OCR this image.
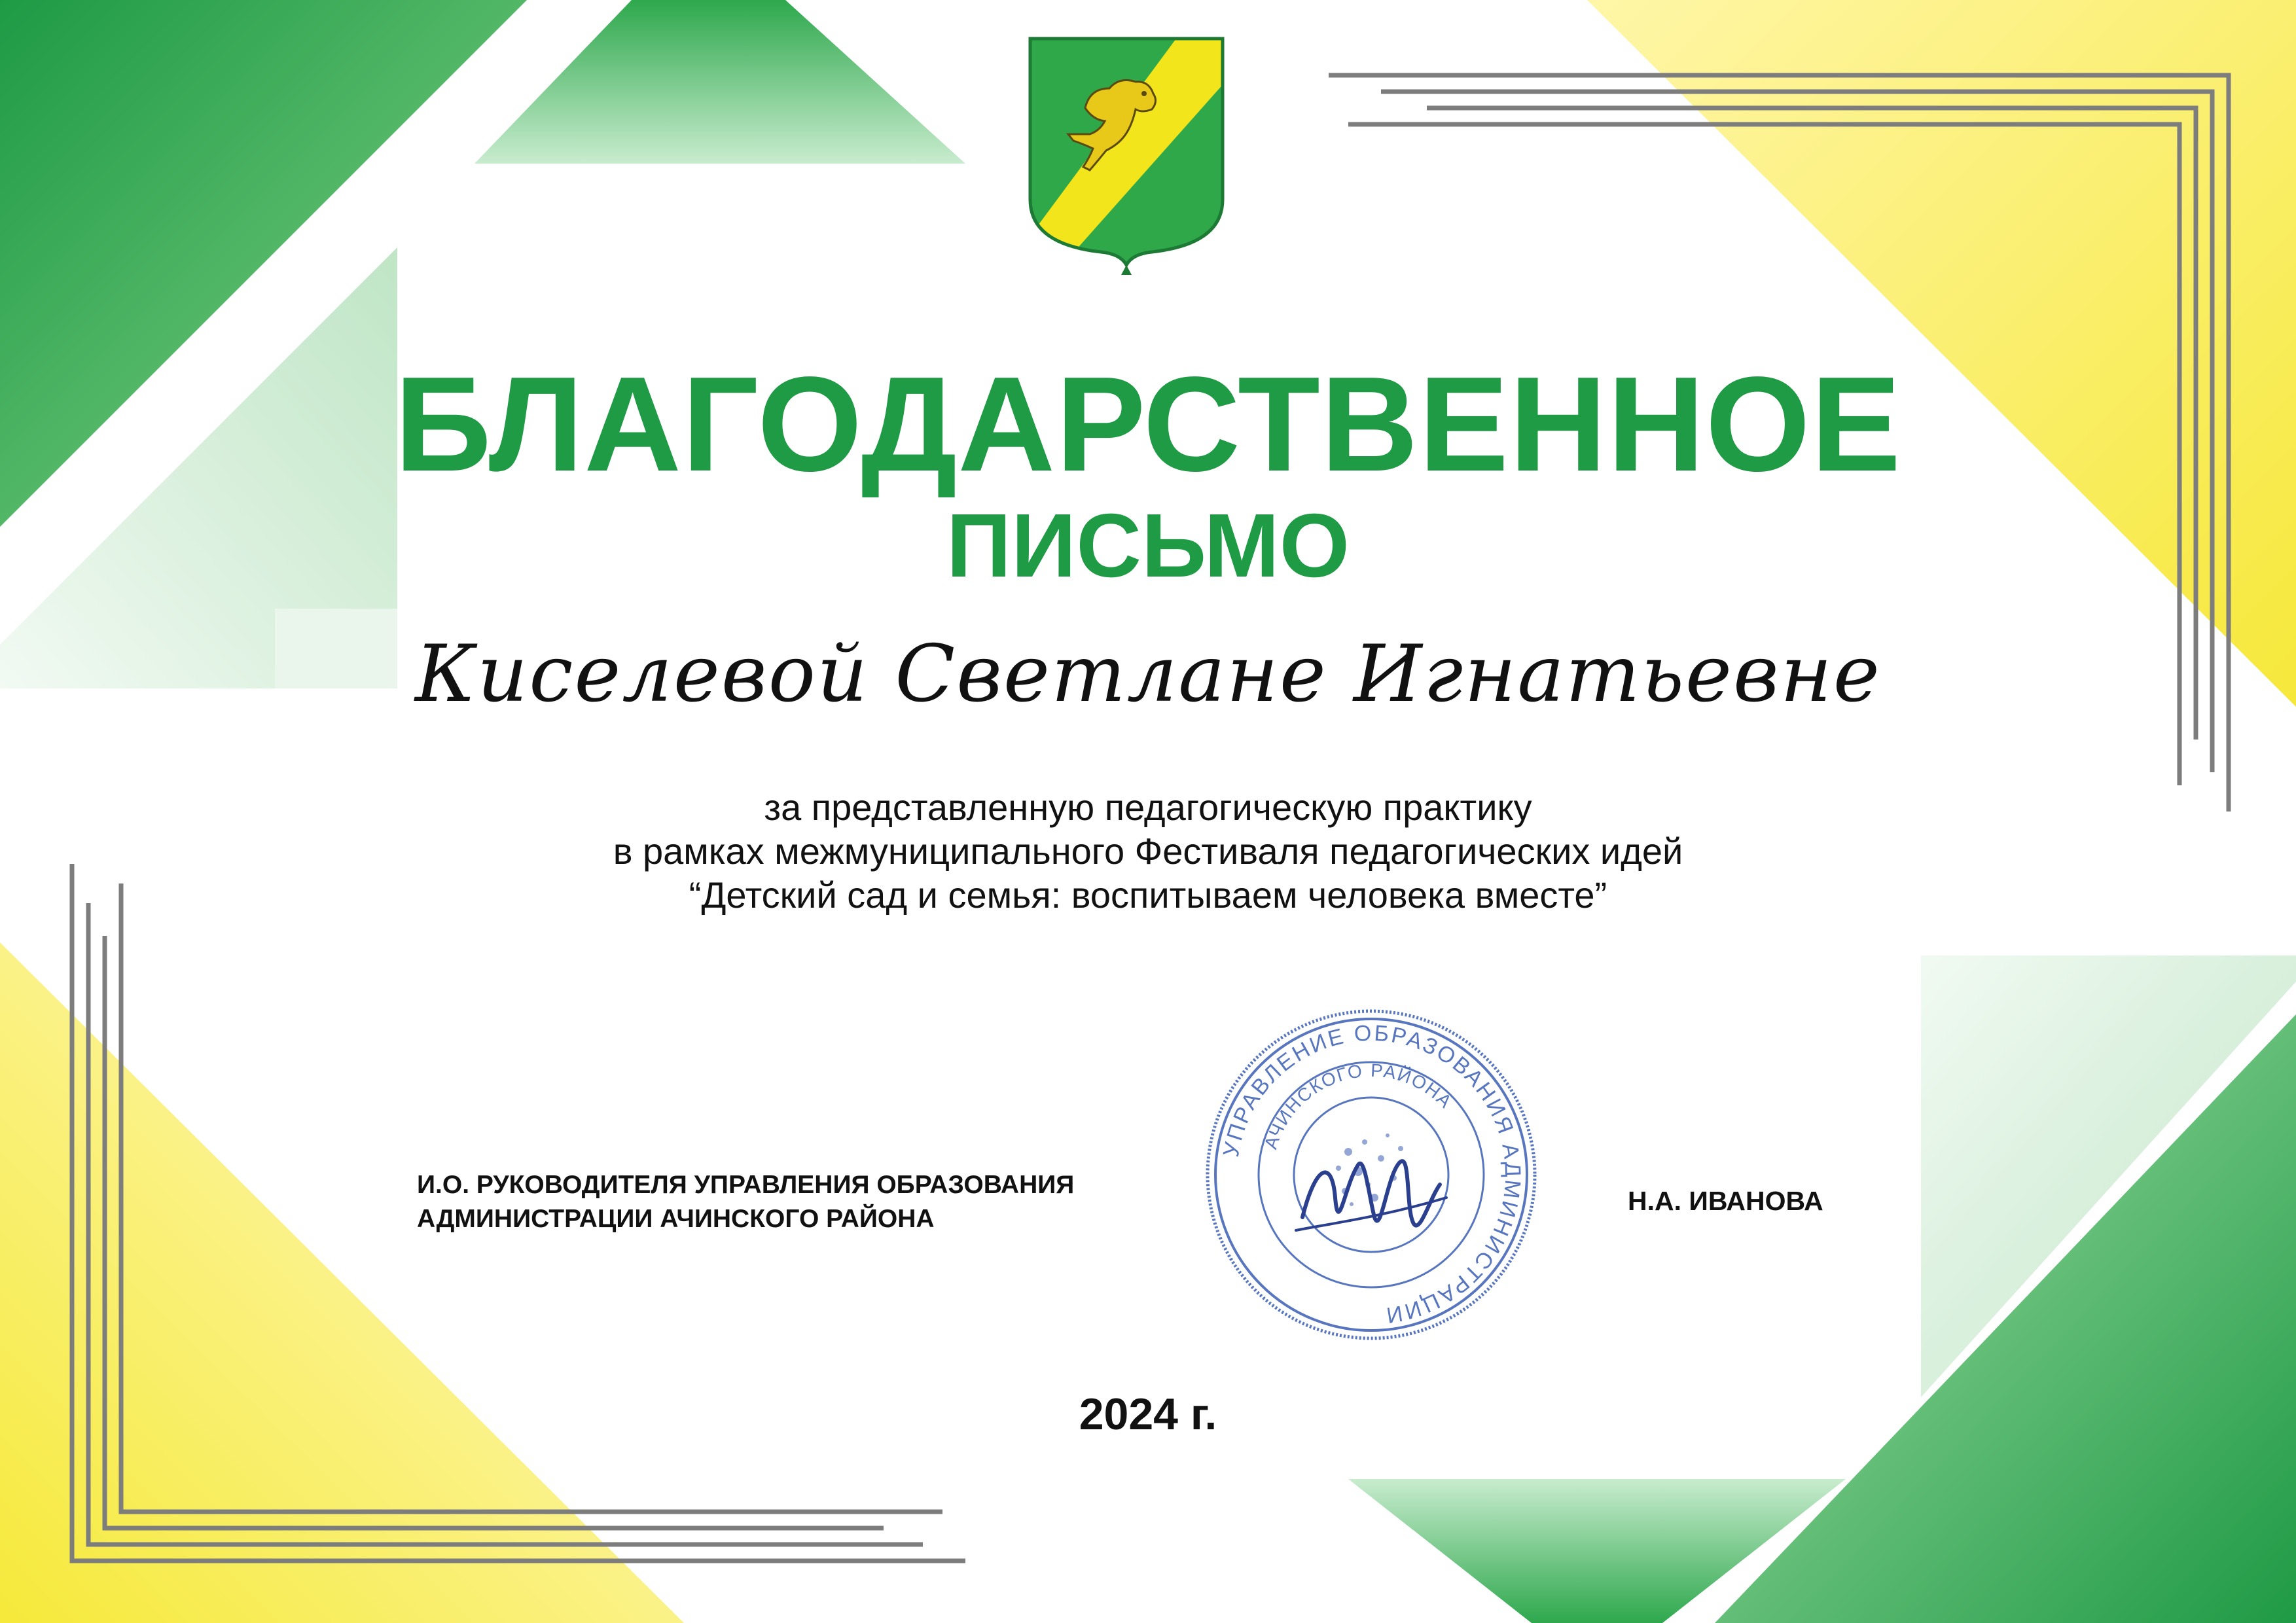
БЛАГОДАРСТВЕННОЕ
ПИСЬМО
Киселевой Светлане Игнатьевне
за представленную педагогическую практику
в рамках межмуниципального Фестиваля педагогических идей
“Детский сад и семья: воспитываем человека вместе”
И.О. РУКОВОДИТЕЛЯ УПРАВЛЕНИЯ ОБРАЗОВАНИЯ
АДМИНИСТРАЦИИ АЧИНСКОГО РАЙОНА
УПРАВЛЕНИЕ ОБРАЗОВАНИЯ АДМИНИСТРАЦИИ
АЧИНСКОГО РАЙОНА
Н.А. ИВАНОВА
2024 г.
